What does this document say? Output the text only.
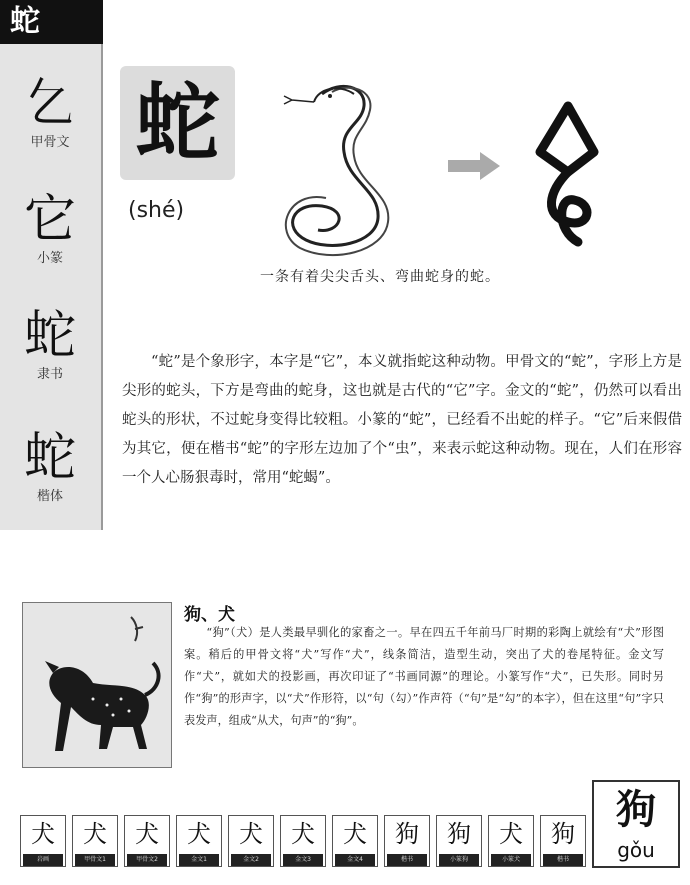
蛇
𠃉
甲骨文
它
小篆
蛇
隶书
蛇
楷体
蛇
(shé)
一条有着尖尖舌头、弯曲蛇身的蛇。
“蛇”是个象形字，本字是“它”，本义就指蛇这种动物。甲骨文的“蛇”，字形上方是尖形的蛇头，下方是弯曲的蛇身，这也就是古代的“它”字。金文的“蛇”，仍然可以看出蛇头的形状，不过蛇身变得比较粗。小篆的“蛇”，已经看不出蛇的样子。“它”后来假借为其它，便在楷书“蛇”的字形左边加了个“虫”，来表示蛇这种动物。现在，人们在形容一个人心肠狠毒时，常用“蛇蝎”。
狗、犬
“狗”（犬）是人类最早驯化的家畜之一。早在四五千年前马厂时期的彩陶上就绘有“犬”形图案。稍后的甲骨文将“犬”写作“犬”，线条简洁，造型生动，突出了犬的卷尾特征。金文写作“犬”，就如犬的投影画，再次印证了“书画同源”的理论。小篆写作“犬”，已失形。同时另作“狗”的形声字，以“犬”作形符，以“句（勾）”作声符（“句”是“勾”的本字），但在这里“句”字只表发声，组成“从犬，句声”的“狗”。
犬
岩画
犬
甲骨文1
犬
甲骨文2
犬
金文1
犬
金文2
犬
金文3
犬
金文4
狗
楷书
狗
小篆狗
犬
小篆犬
狗
楷书
狗
gǒu
